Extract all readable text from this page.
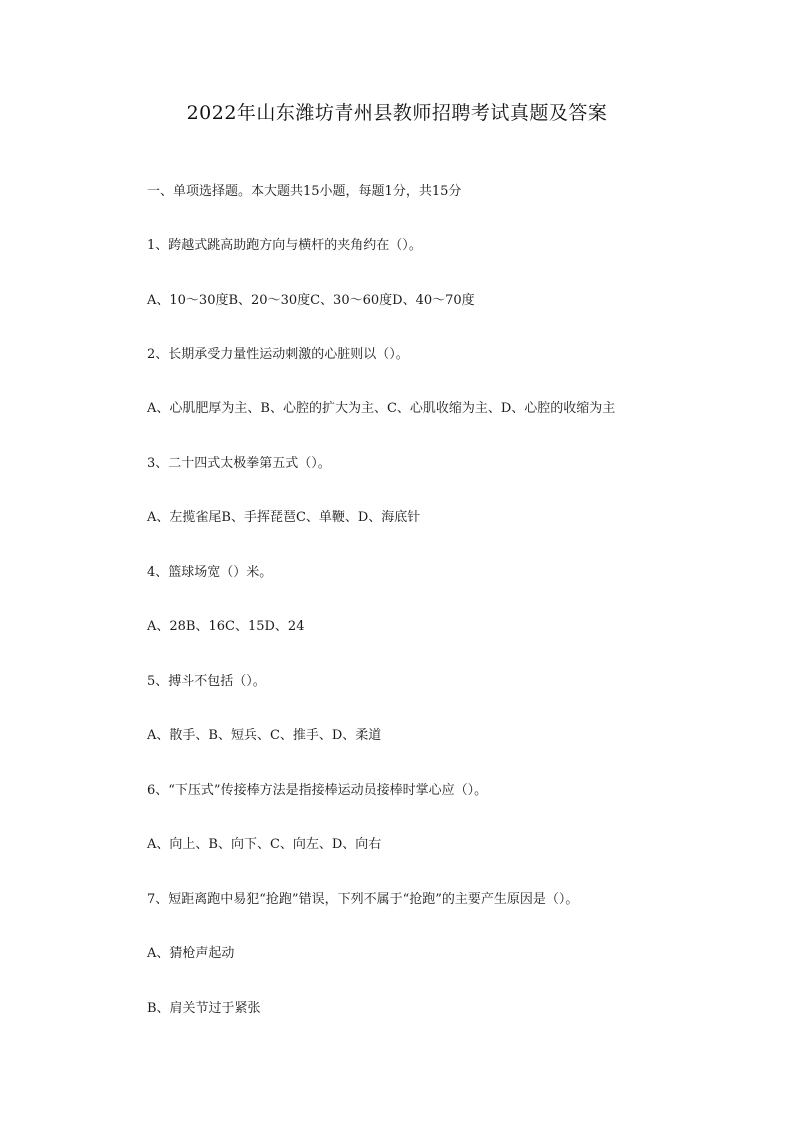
2022年山东潍坊青州县教师招聘考试真题及答案
一、单项选择题。本大题共15小题，每题1分，共15分
1、跨越式跳高助跑方向与横杆的夹角约在（）。
A、10～30度B、20～30度C、30～60度D、40～70度
2、长期承受力量性运动刺激的心脏则以（）。
A、心肌肥厚为主、B、心腔的扩大为主、C、心肌收缩为主、D、心腔的收缩为主
3、二十四式太极拳第五式（）。
A、左揽雀尾B、手挥琵琶C、单鞭、D、海底针
4、篮球场宽（）米。
A、28B、16C、15D、24
5、搏斗不包括（）。
A、散手、B、短兵、C、推手、D、柔道
6、“下压式”传接棒方法是指接棒运动员接棒时掌心应（）。
A、向上、B、向下、C、向左、D、向右
7、短距离跑中易犯“抢跑”错误，下列不属于“抢跑”的主要产生原因是（）。
A、猜枪声起动
B、肩关节过于紧张
